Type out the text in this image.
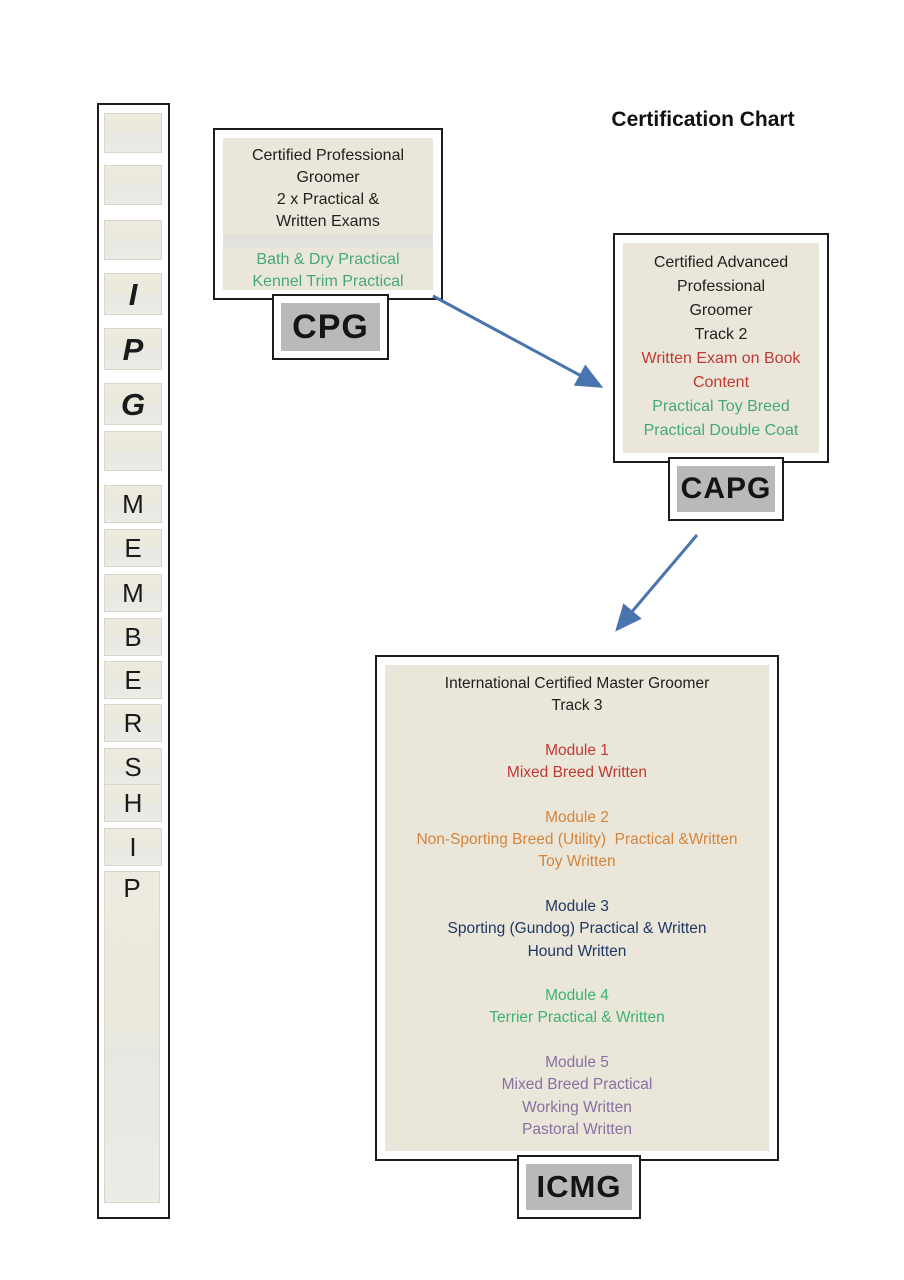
Certification Chart
I
P
G
M
E
M
B
E
R
S
H
I
P
Certified Professional
Groomer
2 x Practical &
Written Exams
Bath & Dry Practical
Kennel Trim Practical
CPG
Certified Advanced
Professional
Groomer
Track 2
Written Exam on Book
Content
Practical Toy Breed
Practical Double Coat
CAPG
International Certified Master Groomer
Track 3
Module 1
Mixed Breed Written
Module 2
Non-Sporting Breed (Utility)  Practical &Written
Toy Written
Module 3
Sporting (Gundog) Practical & Written
Hound Written
Module 4
Terrier Practical & Written
Module 5
Mixed Breed Practical
Working Written
Pastoral Written
ICMG
